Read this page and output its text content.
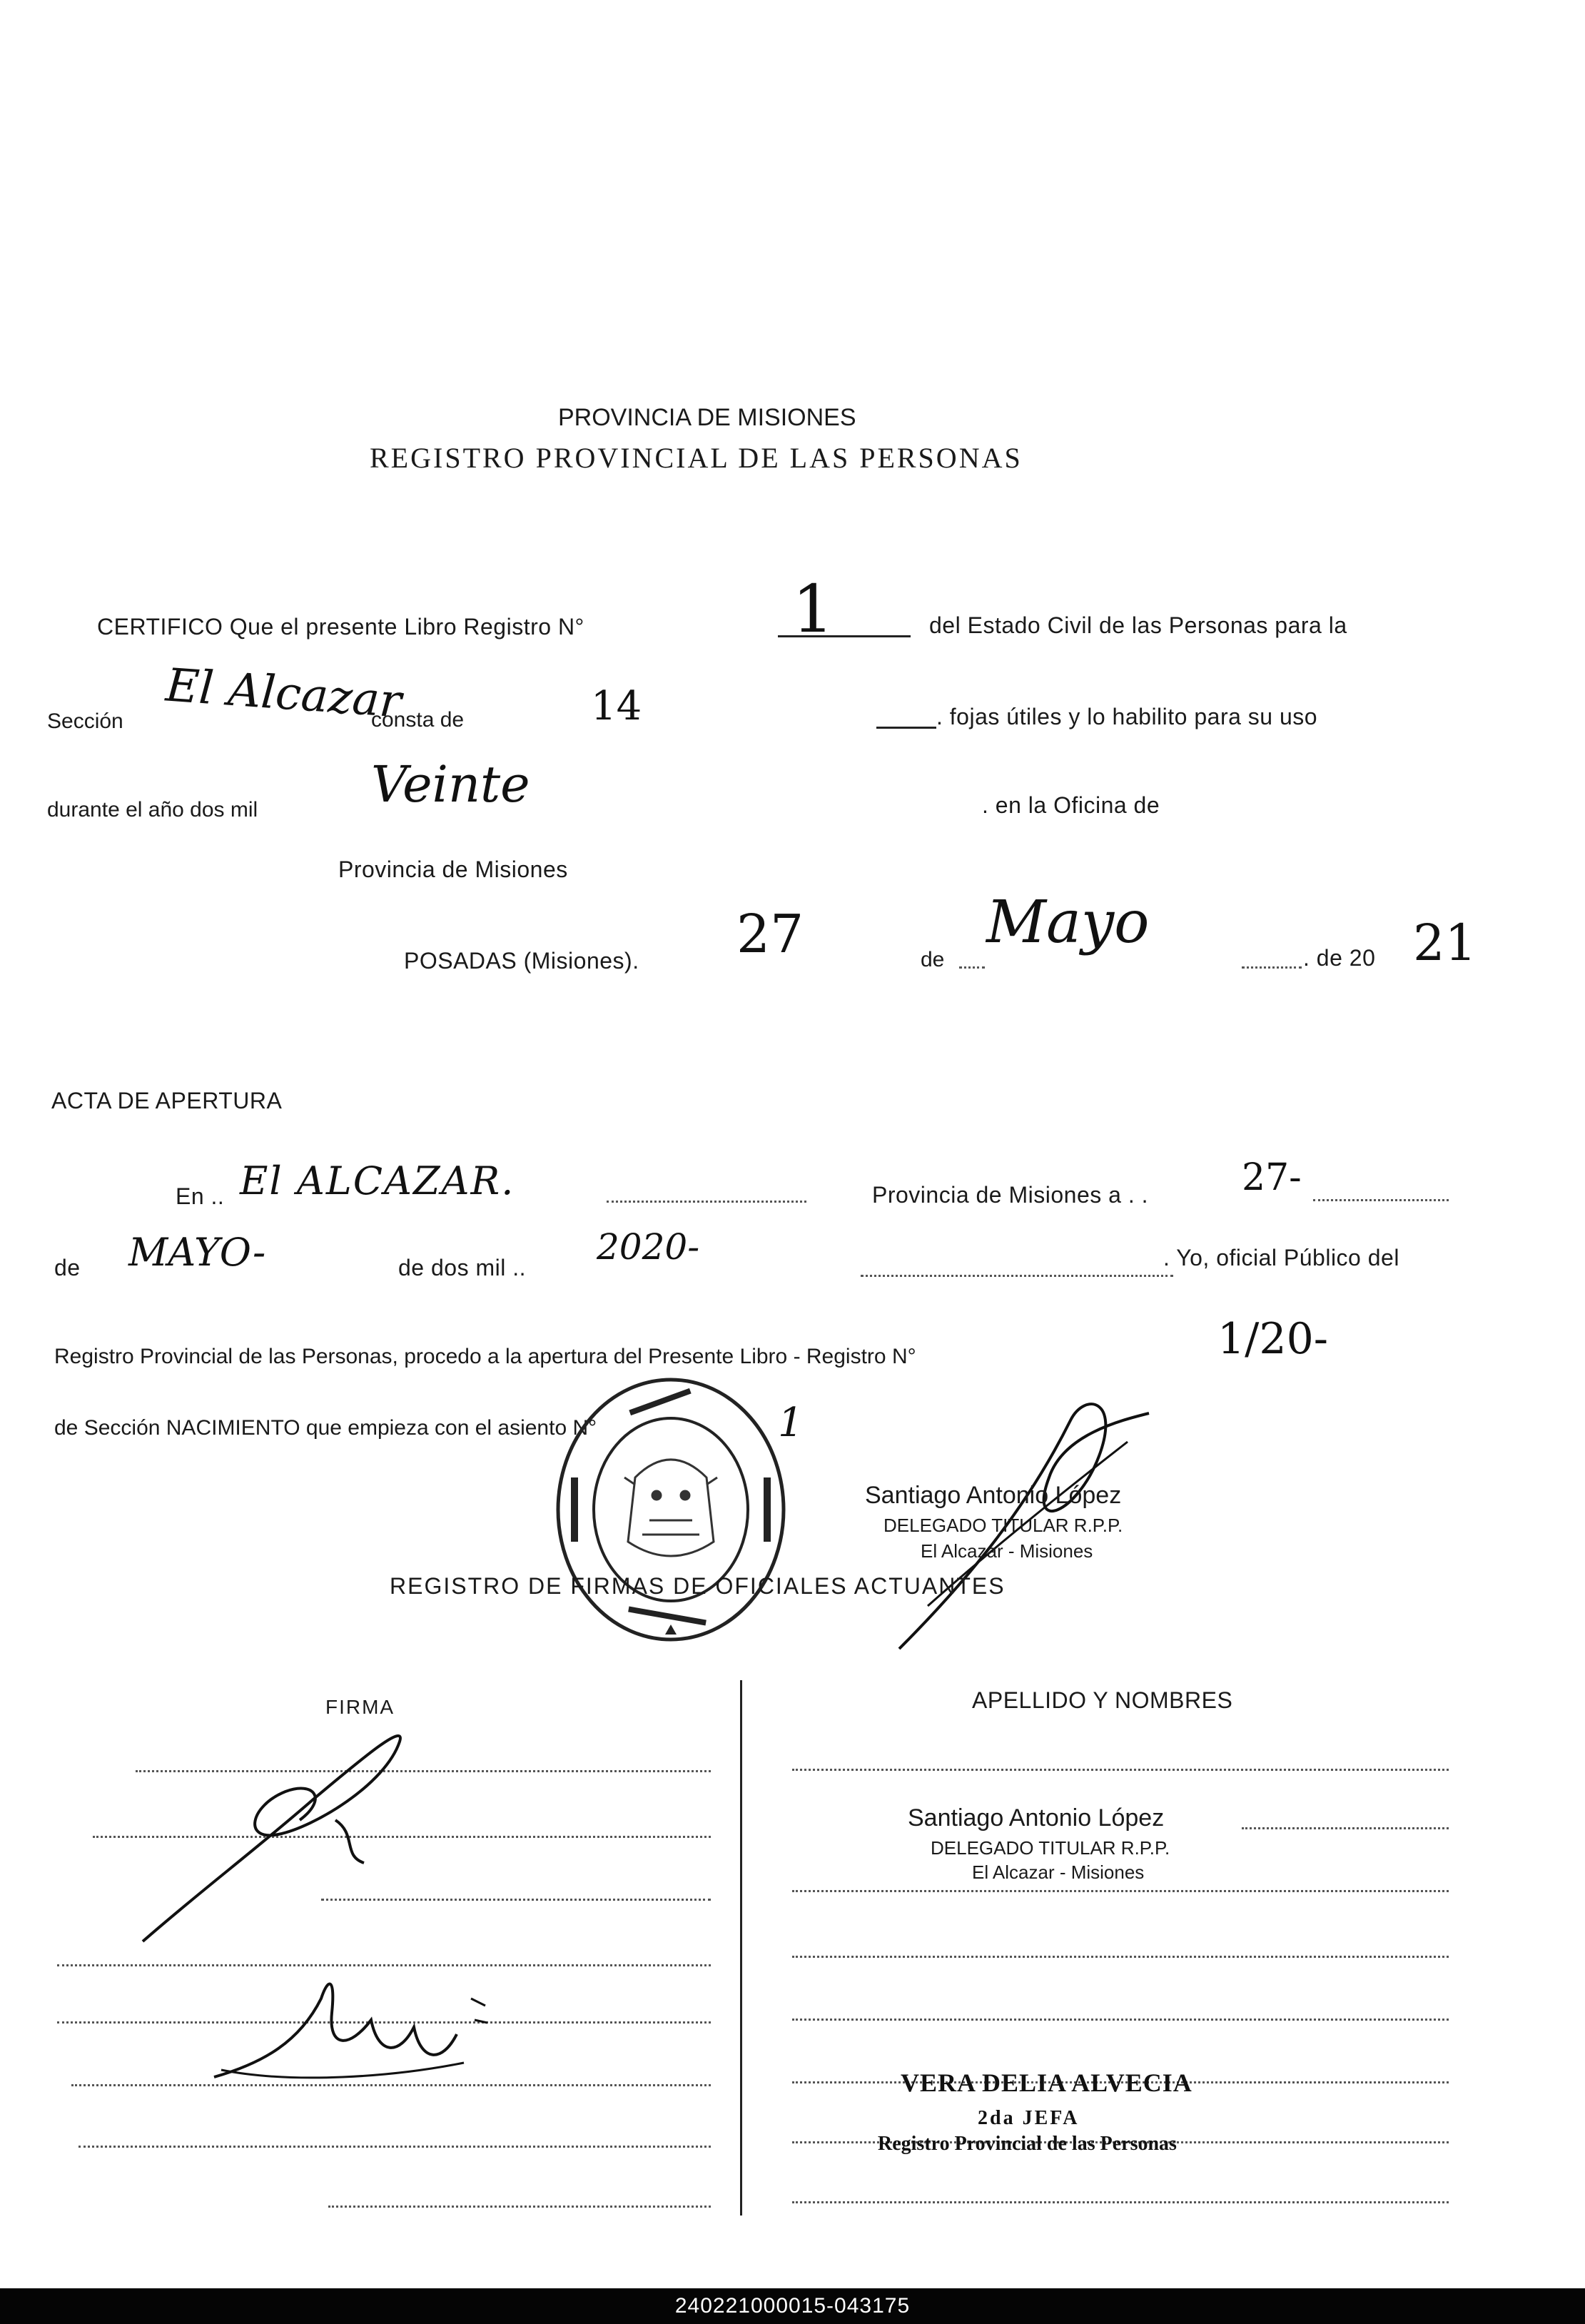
PROVINCIA DE MISIONES
REGISTRO PROVINCIAL DE LAS PERSONAS
CERTIFICO Que el presente Libro Registro N°	1	del Estado Civil de las Personas para la
Sección El Alcazar
consta de	14	. fojas útiles y lo habilito para su uso
durante el año dos mil Veinte	. en la Oficina de
Provincia de Misiones
POSADAS (Misiones). 27	de
Mayo
. de 20 21
ACTA DE APERTURA
En .. El ALCAZAR.	Provincia de Misiones a . .	27-
de MAYO-	de dos mil .. 2020-	. Yo, oficial Público del
Registro Provincial de las Personas, procedo a la apertura del Presente Libro - Registro N°	1/20-
de Sección NACIMIENTO que empieza con el asiento N°	1
Santiago Antonio López
DELEGADO TITULAR R.P.P.
El Alcazar - Misiones
REGISTRO DE FIRMAS DE OFICIALES ACTUANTES
FIRMA	APELLIDO Y NOMBRES
Santiago Antonio López
DELEGADO TITULAR R.P.P.
El Alcazar - Misiones
VERA DELIA ALVECIA
2da JEFA
Registro Provincial de las Personas
240221000015-043175
